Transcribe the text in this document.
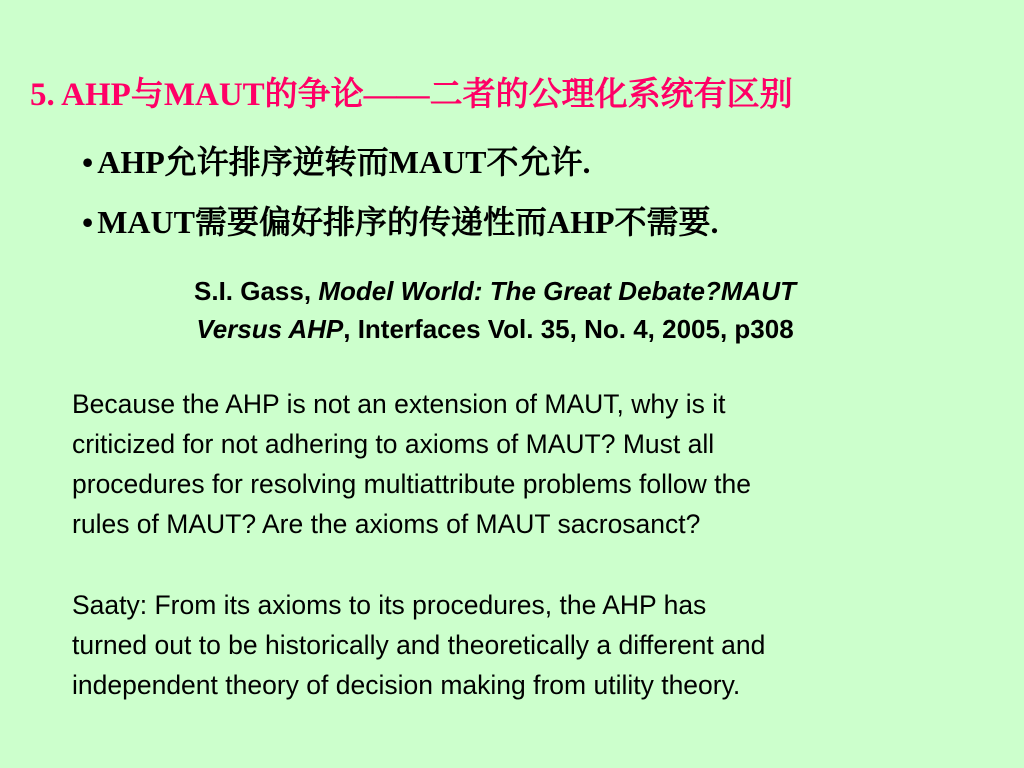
5. AHP与MAUT的争论——二者的公理化系统有区别
• AHP允许排序逆转而MAUT不允许.
• MAUT需要偏好排序的传递性而AHP不需要.
S.I. Gass, Model World: The Great Debate?MAUT
Versus AHP, Interfaces Vol. 35, No. 4, 2005, p308
Because the AHP is not an extension of MAUT, why is it
criticized for not adhering to axioms of MAUT? Must all
procedures for resolving multiattribute problems follow the
rules of MAUT? Are the axioms of MAUT sacrosanct?
Saaty: From its axioms to its procedures, the AHP has
turned out to be historically and theoretically a different and
independent theory of decision making from utility theory.
